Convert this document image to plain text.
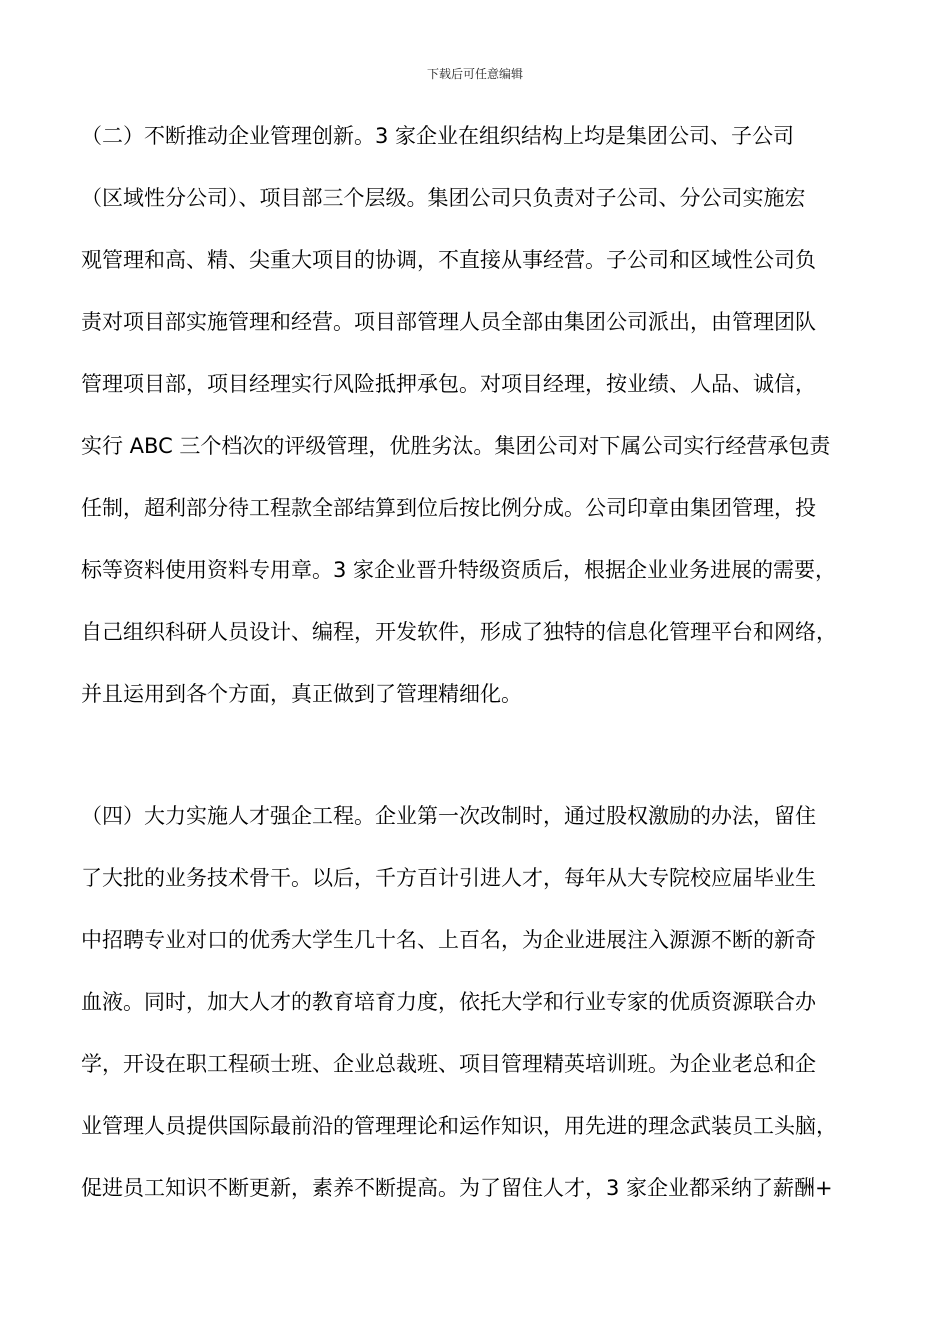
下载后可任意编辑
（二）不断推动企业管理创新。3 家企业在组织结构上均是集团公司、子公司
（区域性分公司）、项目部三个层级。集团公司只负责对子公司、分公司实施宏
观管理和高、精、尖重大项目的协调，不直接从事经营。子公司和区域性公司负
责对项目部实施管理和经营。项目部管理人员全部由集团公司派出，由管理团队
管理项目部，项目经理实行风险抵押承包。对项目经理，按业绩、人品、诚信，
实行 ABC 三个档次的评级管理，优胜劣汰。集团公司对下属公司实行经营承包责
任制，超利部分待工程款全部结算到位后按比例分成。公司印章由集团管理，投
标等资料使用资料专用章。3 家企业晋升特级资质后，根据企业业务进展的需要，
自己组织科研人员设计、编程，开发软件，形成了独特的信息化管理平台和网络，
并且运用到各个方面，真正做到了管理精细化。
（四）大力实施人才强企工程。企业第一次改制时，通过股权激励的办法，留住
了大批的业务技术骨干。以后，千方百计引进人才，每年从大专院校应届毕业生
中招聘专业对口的优秀大学生几十名、上百名，为企业进展注入源源不断的新奇
血液。同时，加大人才的教育培育力度，依托大学和行业专家的优质资源联合办
学，开设在职工程硕士班、企业总裁班、项目管理精英培训班。为企业老总和企
业管理人员提供国际最前沿的管理理论和运作知识，用先进的理念武装员工头脑，
促进员工知识不断更新，素养不断提高。为了留住人才，3 家企业都采纳了薪酬+
